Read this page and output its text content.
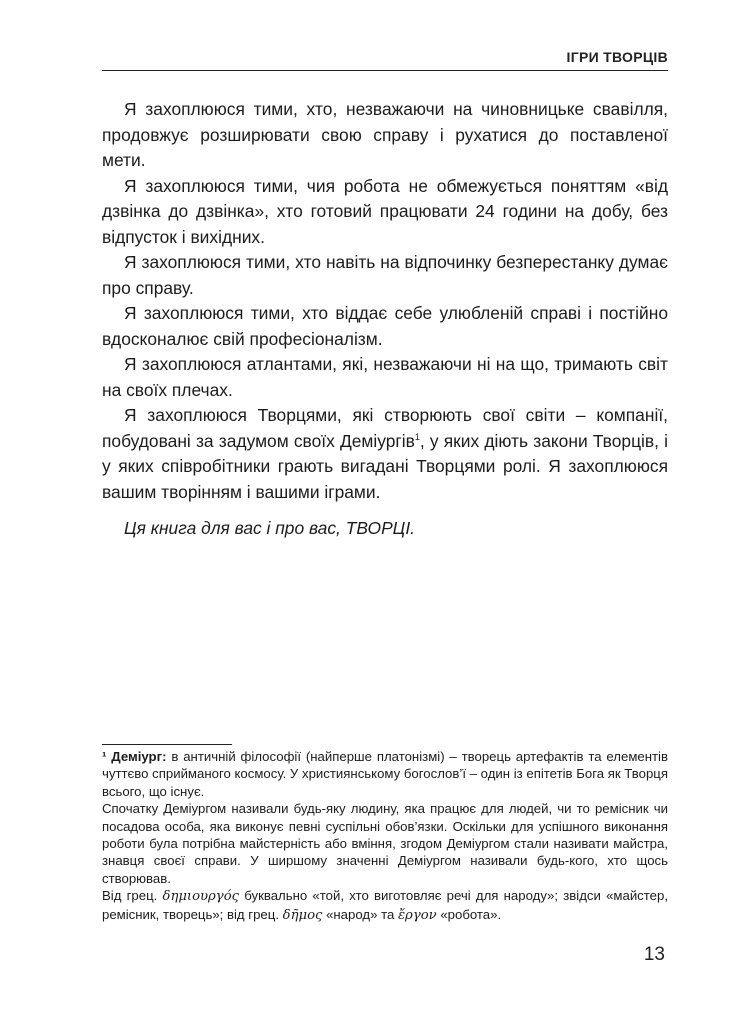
ІГРИ ТВОРЦІВ

Я захоплююся тими, хто, незважаючи на чиновницьке свавілля, продовжує розширювати свою справу і рухатися до поставленої мети.

Я захоплююся тими, чия робота не обмежується поняттям «від дзвінка до дзвінка», хто готовий працювати 24 години на добу, без відпусток і вихідних.

Я захоплююся тими, хто навіть на відпочинку безперестанку думає про справу.

Я захоплююся тими, хто віддає себе улюбленій справі і постійно вдосконалює свій професіоналізм.

Я захоплююся атлантами, які, незважаючи ні на що, тримають світ на своїх плечах.

Я захоплююся Творцями, які створюють свої світи – компанії, побудовані за задумом своїх Деміургів$^1$, у яких діють закони Творців, і у яких співробітники грають вигадані Творцями ролі. Я захоплююся вашим творінням і вашими іграми.

Ця книга для вас і про вас, ТВОРЦІ.

¹ Деміург: в античній філософії (найперше платонізмі) – творець артефактів та елементів чуттєво сприйманого космосу. У християнському богослов’ї – один із епітетів Бога як Творця всього, що існує.

Спочатку Деміургом називали будь-яку людину, яка працює для людей, чи то ремісник чи посадова особа, яка виконує певні суспільні обов’язки. Оскільки для успішного виконання роботи була потрібна майстерність або вміння, згодом Деміургом стали називати майстра, знавця своєї справи. У ширшому значенні Деміургом називали будь-кого, хто щось створював.

Від грец. δημιουργός буквально «той, хто виготовляє речі для народу»; звідси «майстер, ремісник, творець»; від грец. δῆμος «народ» та ἔργον «робота».

13
